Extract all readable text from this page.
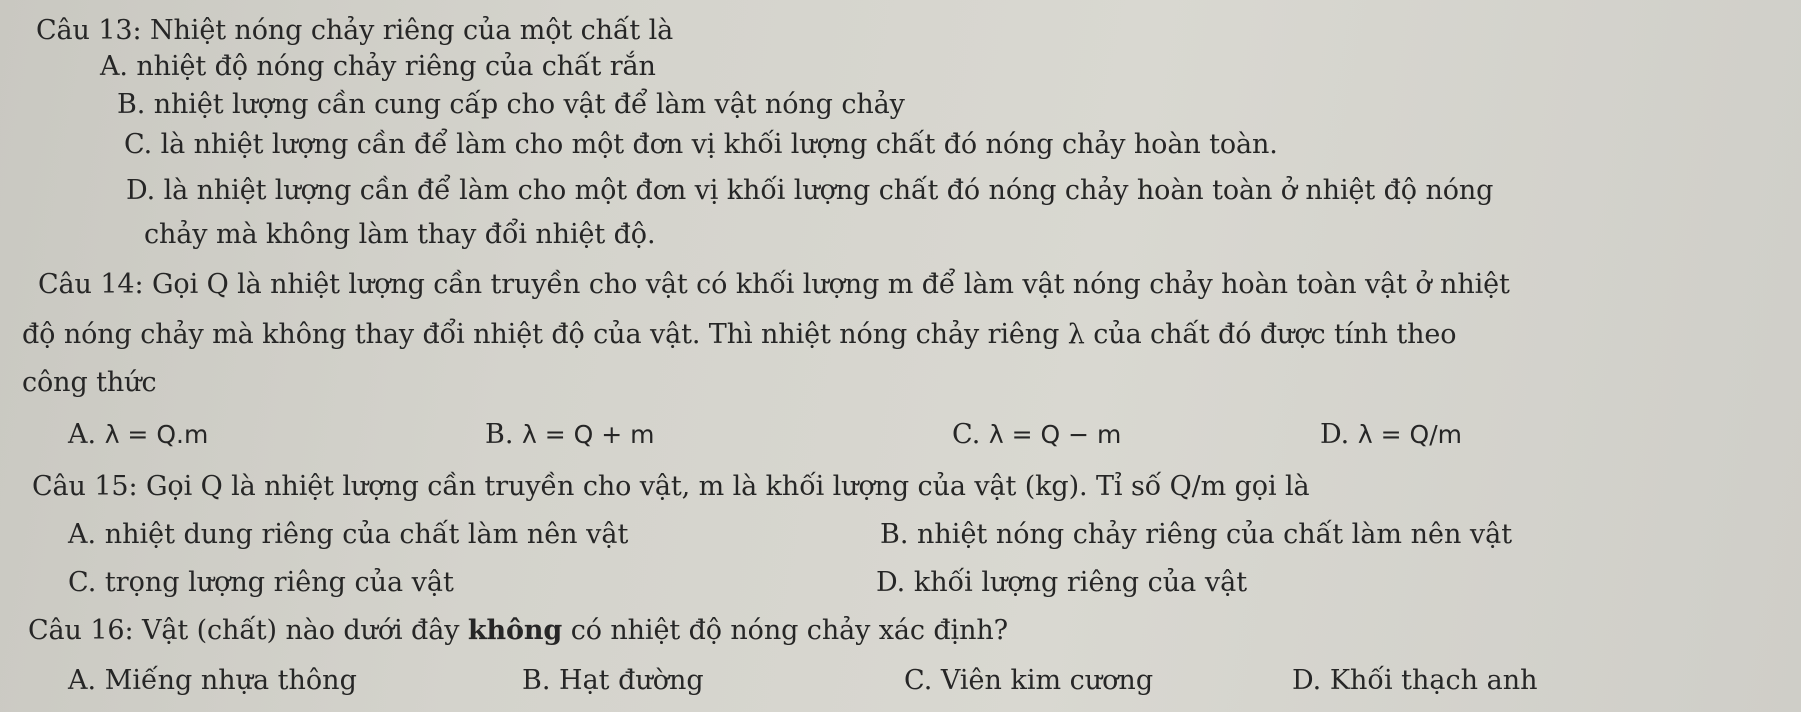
Câu 13: Nhiệt nóng chảy riêng của một chất là
A. nhiệt độ nóng chảy riêng của chất rắn
B. nhiệt lượng cần cung cấp cho vật để làm vật nóng chảy
C. là nhiệt lượng cần để làm cho một đơn vị khối lượng chất đó nóng chảy hoàn toàn.
D. là nhiệt lượng cần để làm cho một đơn vị khối lượng chất đó nóng chảy hoàn toàn ở nhiệt độ nóng
chảy mà không làm thay đổi nhiệt độ.
Câu 14: Gọi Q là nhiệt lượng cần truyền cho vật có khối lượng m để làm vật nóng chảy hoàn toàn vật ở nhiệt
độ nóng chảy mà không thay đổi nhiệt độ của vật. Thì nhiệt nóng chảy riêng λ của chất đó được tính theo
công thức
A. λ = Q.m	B. λ = Q + m	C. λ = Q − m	D. λ = Q/m
Câu 15: Gọi Q là nhiệt lượng cần truyền cho vật, m là khối lượng của vật (kg). Tỉ số Q/m gọi là
A. nhiệt dung riêng của chất làm nên vật	B. nhiệt nóng chảy riêng của chất làm nên vật
C. trọng lượng riêng của vật	D. khối lượng riêng của vật
Câu 16: Vật (chất) nào dưới đây không có nhiệt độ nóng chảy xác định?
A. Miếng nhựa thông	B. Hạt đường	C. Viên kim cương	D. Khối thạch anh
